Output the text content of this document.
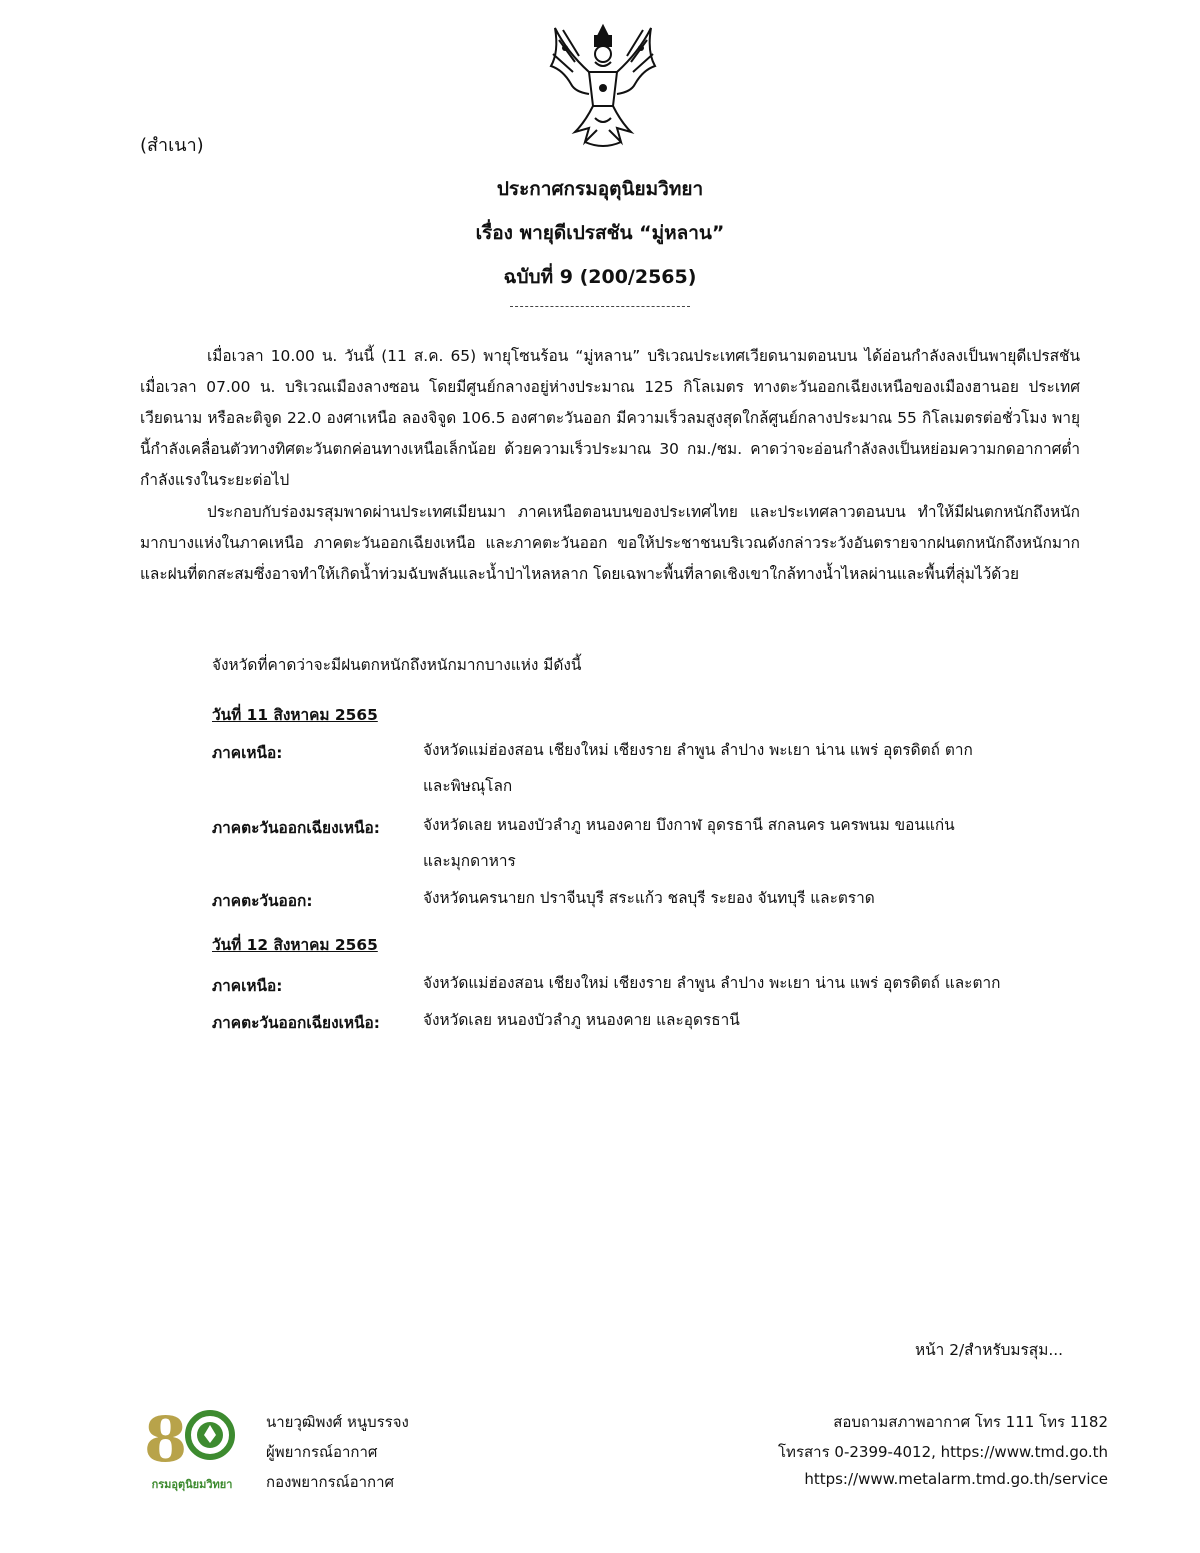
(สำเนา)
ประกาศกรมอุตุนิยมวิทยา
เรื่อง พายุดีเปรสชัน “มู่หลาน”
ฉบับที่ 9 (200/2565)
เมื่อเวลา 10.00 น. วันนี้ (11 ส.ค. 65) พายุโซนร้อน “มู่หลาน” บริเวณประเทศเวียดนามตอนบน ได้อ่อนกำลังลงเป็นพายุดีเปรสชันเมื่อเวลา 07.00 น. บริเวณเมืองลางซอน โดยมีศูนย์กลางอยู่ห่างประมาณ 125 กิโลเมตร ทางตะวันออกเฉียงเหนือของเมืองฮานอย ประเทศเวียดนาม หรือละติจูด 22.0 องศาเหนือ ลองจิจูด 106.5 องศาตะวันออก มีความเร็วลมสูงสุดใกล้ศูนย์กลางประมาณ 55 กิโลเมตรต่อชั่วโมง พายุนี้กำลังเคลื่อนตัวทางทิศตะวันตกค่อนทางเหนือเล็กน้อย ด้วยความเร็วประมาณ 30 กม./ชม. คาดว่าจะอ่อนกำลังลงเป็นหย่อมความกดอากาศต่ำกำลังแรงในระยะต่อไป
ประกอบกับร่องมรสุมพาดผ่านประเทศเมียนมา ภาคเหนือตอนบนของประเทศไทย และประเทศลาวตอนบน ทำให้มีฝนตกหนักถึงหนักมากบางแห่งในภาคเหนือ ภาคตะวันออกเฉียงเหนือ และภาคตะวันออก ขอให้ประชาชนบริเวณดังกล่าวระวังอันตรายจากฝนตกหนักถึงหนักมากและฝนที่ตกสะสมซึ่งอาจทำให้เกิดน้ำท่วมฉับพลันและน้ำป่าไหลหลาก โดยเฉพาะพื้นที่ลาดเชิงเขาใกล้ทางน้ำไหลผ่านและพื้นที่ลุ่มไว้ด้วย
จังหวัดที่คาดว่าจะมีฝนตกหนักถึงหนักมากบางแห่ง มีดังนี้
วันที่ 11 สิงหาคม 2565
ภาคเหนือ:	จังหวัดแม่ฮ่องสอน เชียงใหม่ เชียงราย ลำพูน ลำปาง พะเยา น่าน แพร่ อุตรดิตถ์ ตาก
และพิษณุโลก
ภาคตะวันออกเฉียงเหนือ:	จังหวัดเลย หนองบัวลำภู หนองคาย บึงกาฬ อุดรธานี สกลนคร นครพนม ขอนแก่น
และมุกดาหาร
ภาคตะวันออก:	จังหวัดนครนายก ปราจีนบุรี สระแก้ว ชลบุรี ระยอง จันทบุรี และตราด
วันที่ 12 สิงหาคม 2565
ภาคเหนือ:	จังหวัดแม่ฮ่องสอน เชียงใหม่ เชียงราย ลำพูน ลำปาง พะเยา น่าน แพร่ อุตรดิตถ์ และตาก
ภาคตะวันออกเฉียงเหนือ:	จังหวัดเลย หนองบัวลำภู หนองคาย และอุดรธานี
หน้า 2/สำหรับมรสุม...
8
กรมอุตุนิยมวิทยา
นายวุฒิพงศ์ หนูบรรจง
ผู้พยากรณ์อากาศ
กองพยากรณ์อากาศ
สอบถามสภาพอากาศ โทร 111 โทร 1182
โทรสาร 0-2399-4012, https://www.tmd.go.th
https://www.metalarm.tmd.go.th/service
